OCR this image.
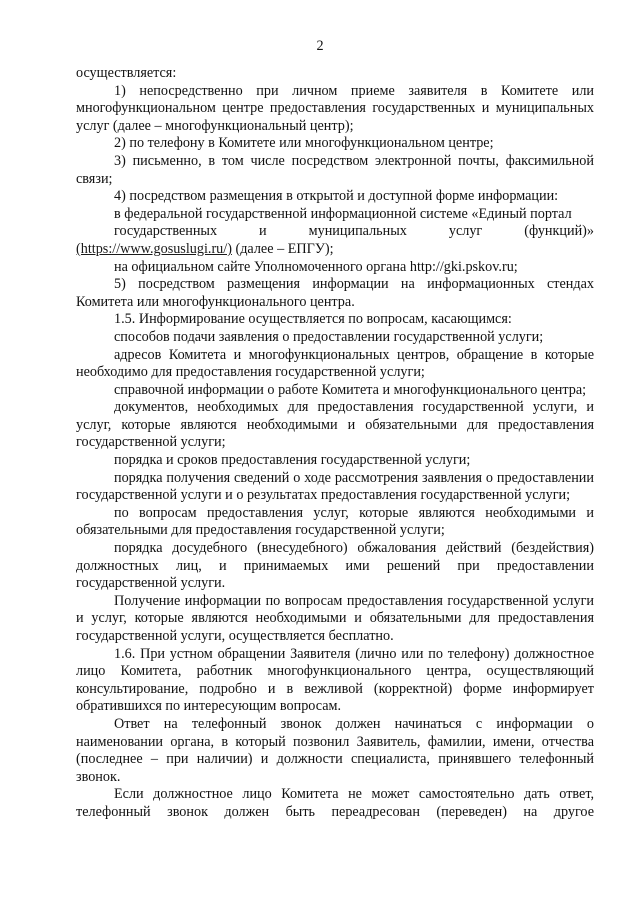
2

осуществляется:

1) непосредственно при личном приеме заявителя в Комитете или многофункциональном центре предоставления государственных и муниципальных услуг (далее – многофункциональный центр);

2) по телефону в Комитете или многофункциональном центре;

3) письменно, в том числе посредством электронной почты, факсимильной связи;

4) посредством размещения в открытой и доступной форме информации:

в федеральной государственной информационной системе «Единый портал

государственных и муниципальных услуг (функций)» (https://www.gosuslugi.ru/) (далее – ЕПГУ);

на официальном сайте Уполномоченного органа http://gki.pskov.ru;

5) посредством размещения информации на информационных стендах Комитета или многофункционального центра.

1.5. Информирование осуществляется по вопросам, касающимся:

способов подачи заявления о предоставлении государственной услуги;

адресов Комитета и многофункциональных центров, обращение в которые необходимо для предоставления государственной услуги;

справочной информации о работе Комитета и многофункционального центра;

документов, необходимых для предоставления государственной услуги, и услуг, которые являются необходимыми и обязательными для предоставления государственной услуги;

порядка и сроков предоставления государственной услуги;

порядка получения сведений о ходе рассмотрения заявления о предоставлении государственной услуги и о результатах предоставления государственной услуги;

по вопросам предоставления услуг, которые являются необходимыми и обязательными для предоставления государственной услуги;

порядка досудебного (внесудебного) обжалования действий (бездействия) должностных лиц, и принимаемых ими решений при предоставлении государственной услуги.

Получение информации по вопросам предоставления государственной услуги и услуг, которые являются необходимыми и обязательными для предоставления государственной услуги, осуществляется бесплатно.

1.6. При устном обращении Заявителя (лично или по телефону) должностное лицо Комитета, работник многофункционального центра, осуществляющий консультирование, подробно и в вежливой (корректной) форме информирует обратившихся по интересующим вопросам.

Ответ на телефонный звонок должен начинаться с информации о наименовании органа, в который позвонил Заявитель, фамилии, имени, отчества (последнее – при наличии) и должности специалиста, принявшего телефонный звонок.

Если должностное лицо Комитета не может самостоятельно дать ответ, телефонный звонок должен быть переадресован (переведен) на другое
